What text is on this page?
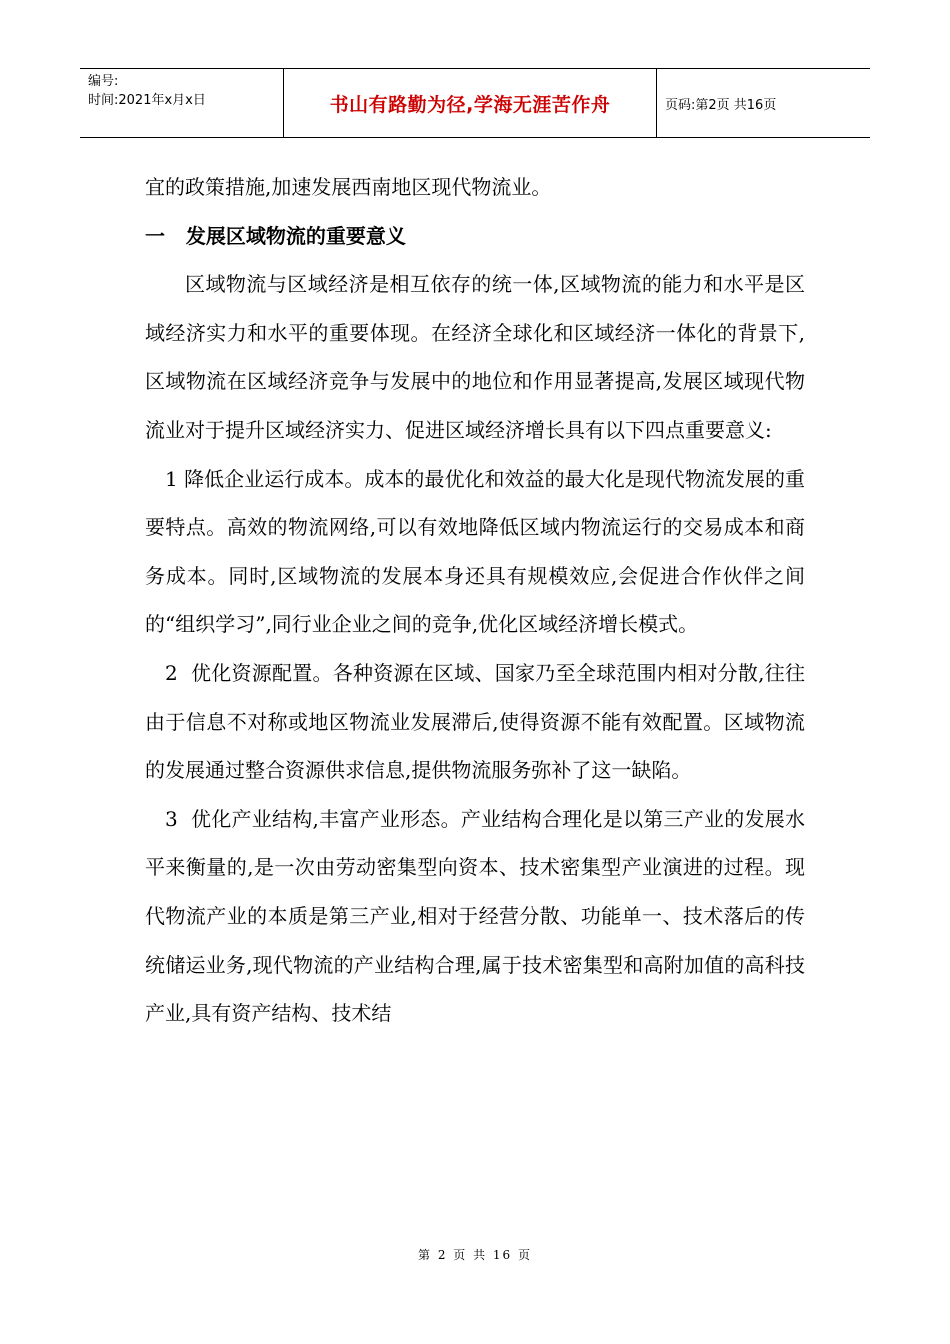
编号:
时间:2021年x月x日	书山有路勤为径,学海无涯苦作舟	页码:第2页 共16页

宜的政策措施,加速发展西南地区现代物流业。

一   发展区域物流的重要意义

区域物流与区域经济是相互依存的统一体,区域物流的能力和水平是区域经济实力和水平的重要体现。在经济全球化和区域经济一体化的背景下,区域物流在区域经济竞争与发展中的地位和作用显著提高,发展区域现代物流业对于提升区域经济实力、促进区域经济增长具有以下四点重要意义:

1 降低企业运行成本。成本的最优化和效益的最大化是现代物流发展的重要特点。高效的物流网络,可以有效地降低区域内物流运行的交易成本和商务成本。同时,区域物流的发展本身还具有规模效应,会促进合作伙伴之间的“组织学习”,同行业企业之间的竞争,优化区域经济增长模式。

2  优化资源配置。各种资源在区域、国家乃至全球范围内相对分散,往往由于信息不对称或地区物流业发展滞后,使得资源不能有效配置。区域物流的发展通过整合资源供求信息,提供物流服务弥补了这一缺陷。

3  优化产业结构,丰富产业形态。产业结构合理化是以第三产业的发展水平来衡量的,是一次由劳动密集型向资本、技术密集型产业演进的过程。现代物流产业的本质是第三产业,相对于经营分散、功能单一、技术落后的传统储运业务,现代物流的产业结构合理,属于技术密集型和高附加值的高科技产业,具有资产结构、技术结

第 2 页 共 16 页
